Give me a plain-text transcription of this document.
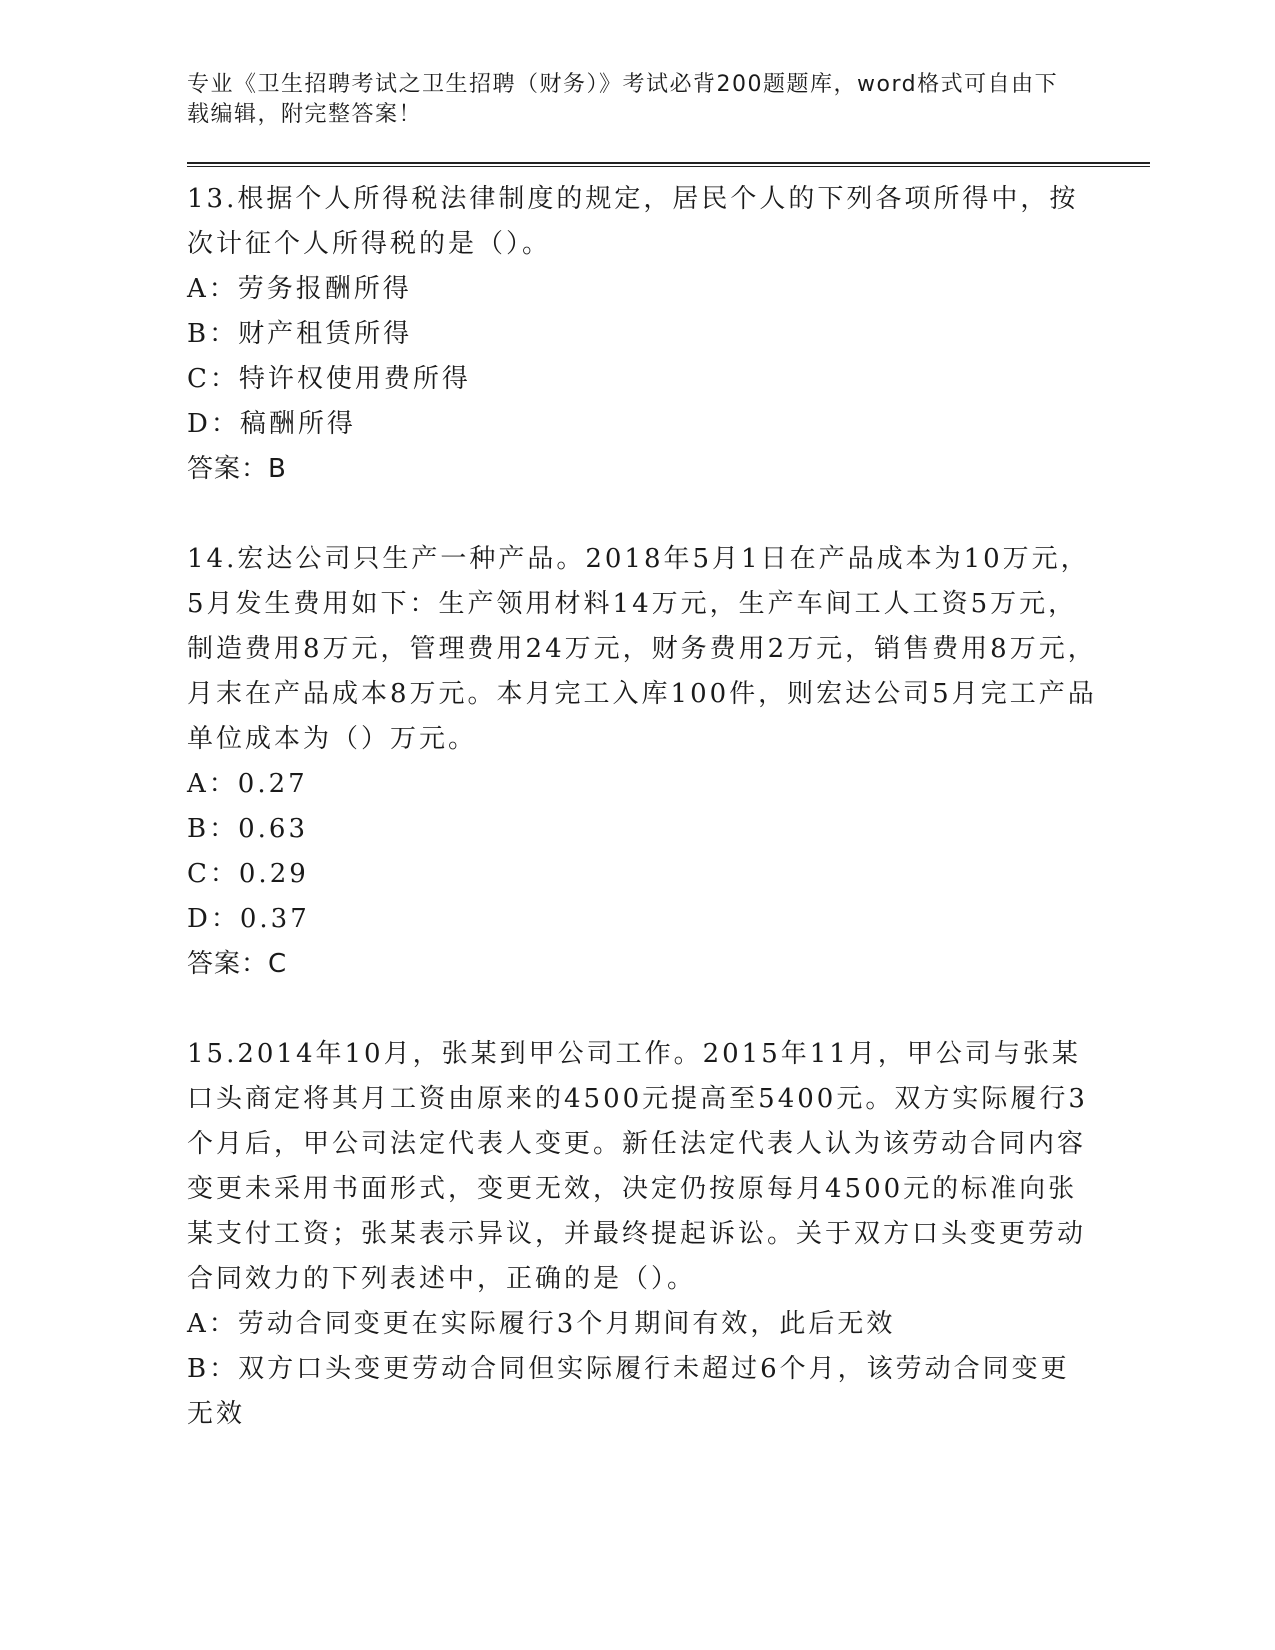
专业《卫生招聘考试之卫生招聘（财务）》考试必背200题题库，word格式可自由下载编辑，附完整答案！

13.根据个人所得税法律制度的规定，居民个人的下列各项所得中，按次计征个人所得税的是（）。

A：劳务报酬所得
B：财产租赁所得
C：特许权使用费所得
D：稿酬所得
答案：B

14.宏达公司只生产一种产品。2018年5月1日在产品成本为10万元，5月发生费用如下：生产领用材料14万元，生产车间工人工资5万元，制造费用8万元，管理费用24万元，财务费用2万元，销售费用8万元，月末在产品成本8万元。本月完工入库100件，则宏达公司5月完工产品单位成本为（）万元。

A：0.27
B：0.63
C：0.29
D：0.37
答案：C

15.2014年10月，张某到甲公司工作。2015年11月，甲公司与张某口头商定将其月工资由原来的4500元提高至5400元。双方实际履行3个月后，甲公司法定代表人变更。新任法定代表人认为该劳动合同内容变更未采用书面形式，变更无效，决定仍按原每月4500元的标准向张某支付工资；张某表示异议，并最终提起诉讼。关于双方口头变更劳动合同效力的下列表述中，正确的是（）。

A：劳动合同变更在实际履行3个月期间有效，此后无效
B：双方口头变更劳动合同但实际履行未超过6个月，该劳动合同变更无效
